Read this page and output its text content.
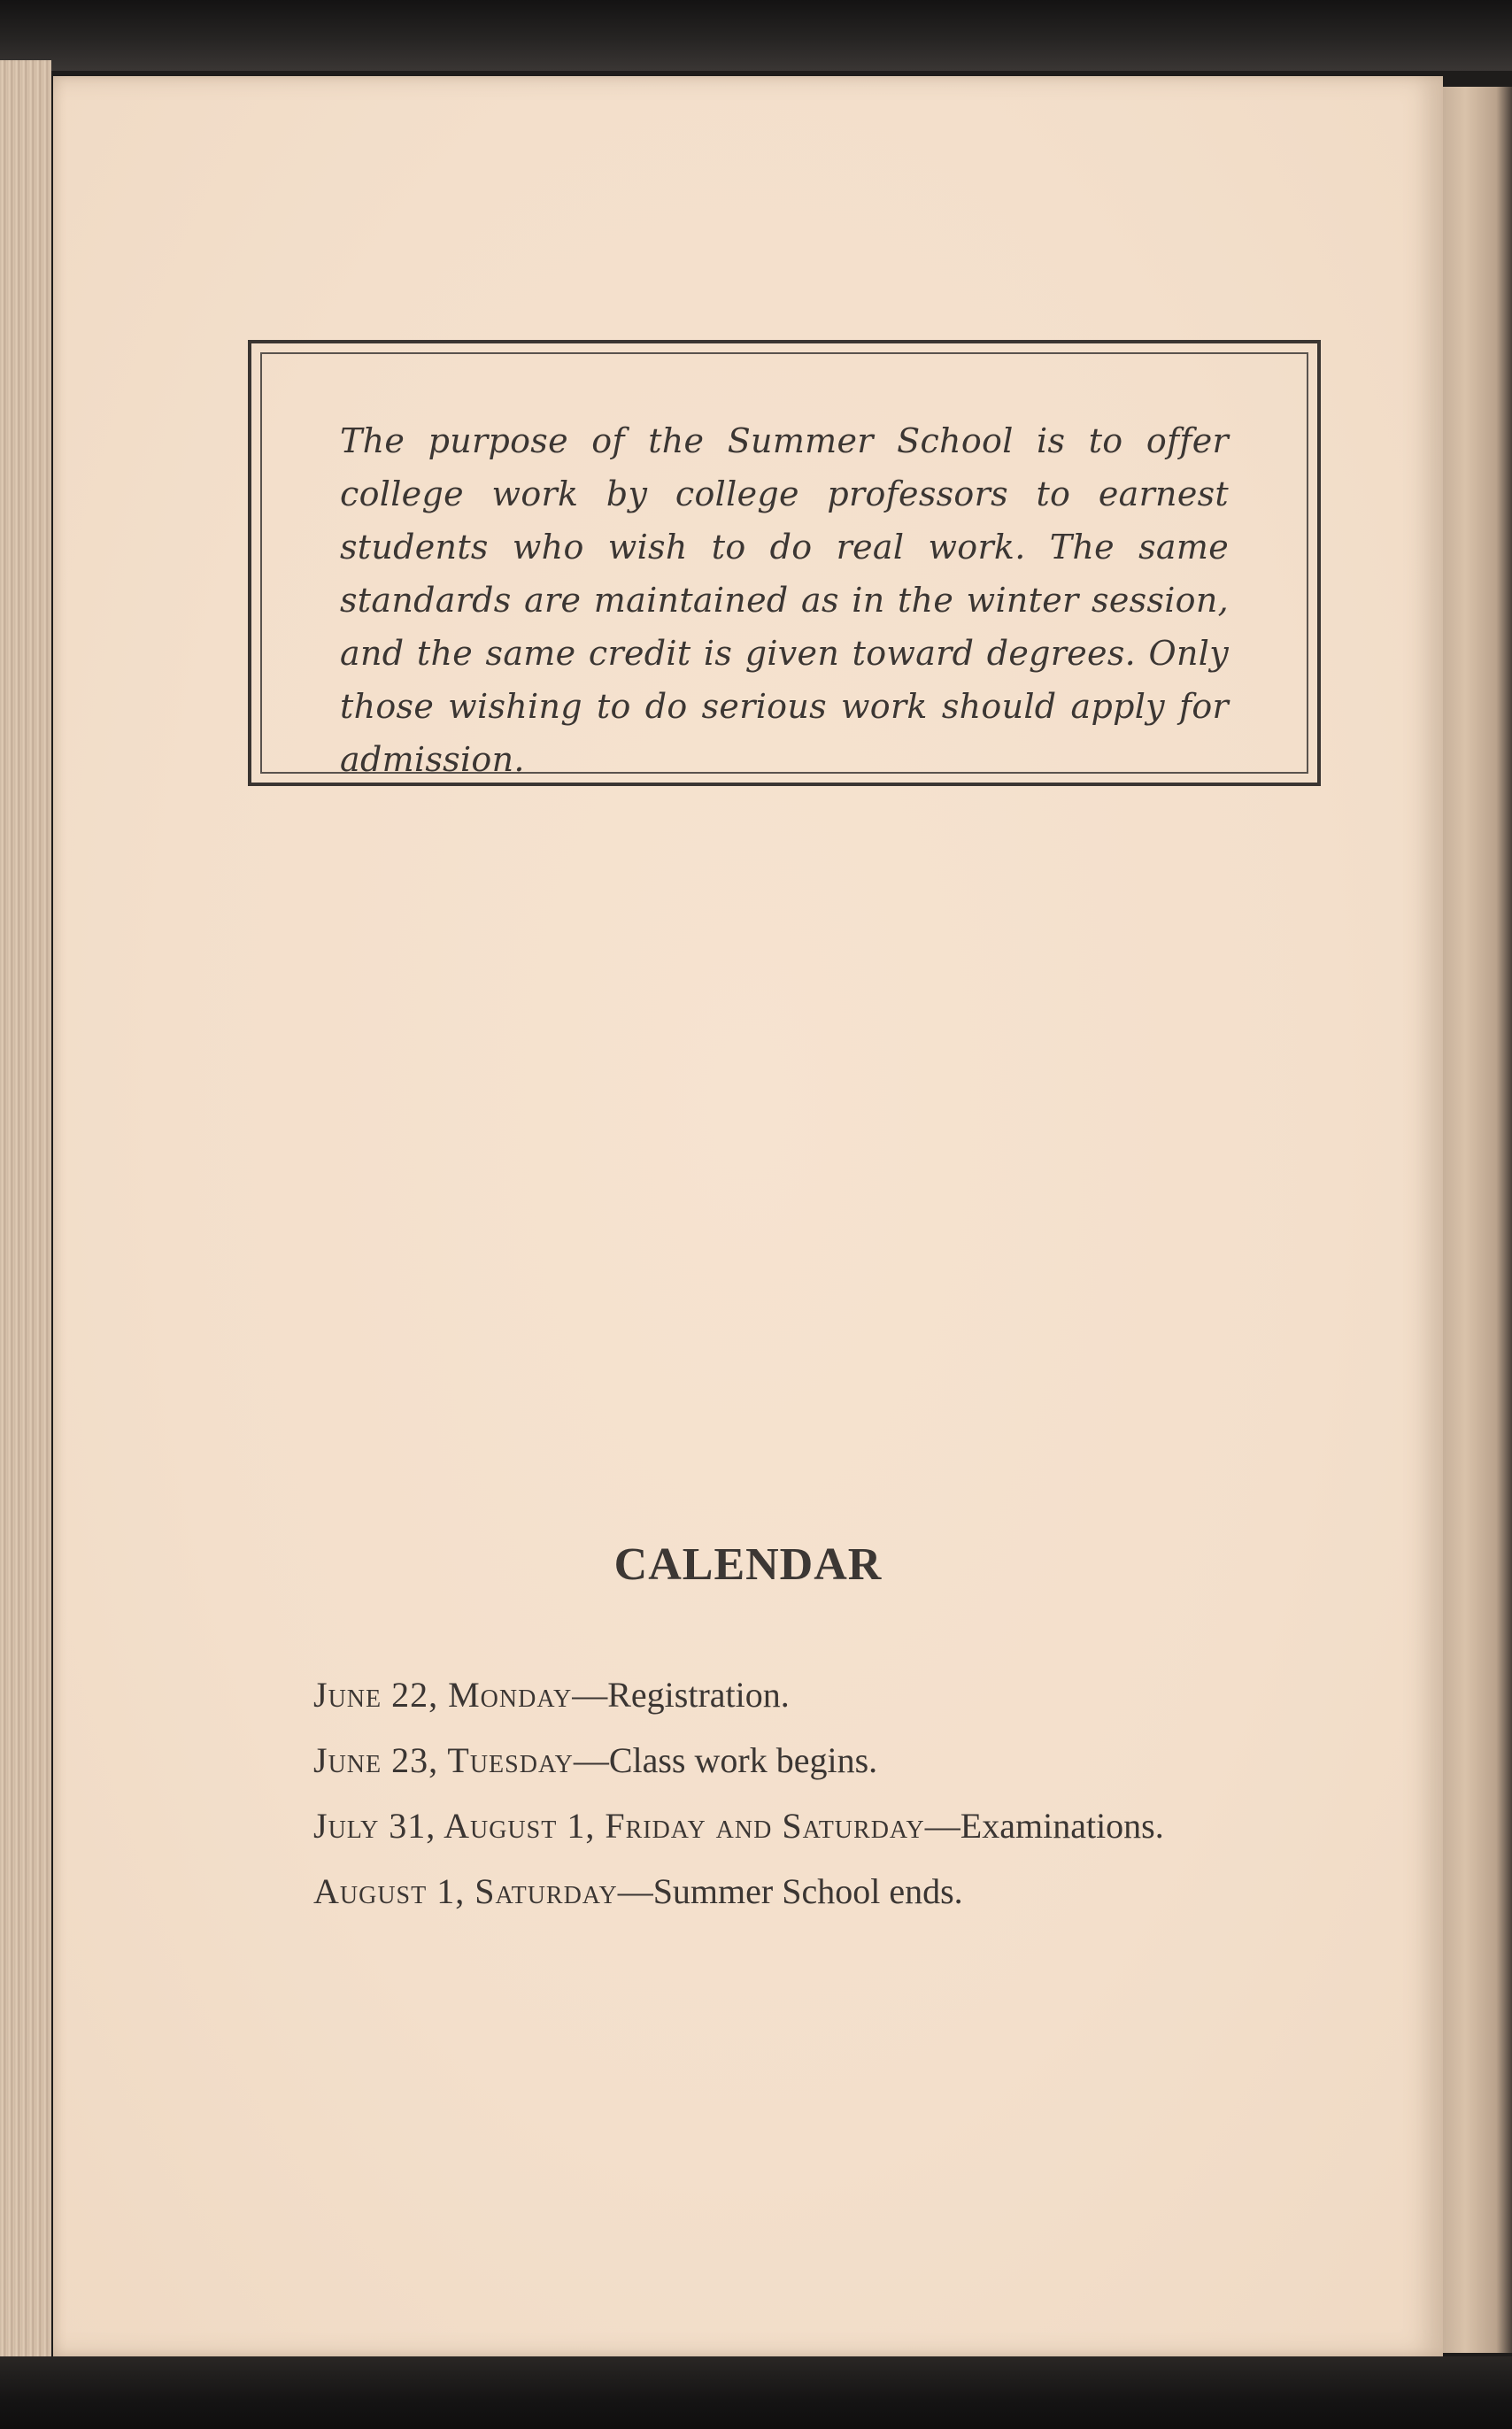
The purpose of the Summer School is to offer college work by college professors to earnest students who wish to do real work. The same standards are maintained as in the winter session, and the same credit is given toward degrees. Only those wishing to do serious work should apply for admission.

CALENDAR
June 22, Monday—Registration.
June 23, Tuesday—Class work begins.
July 31, August 1, Friday and Saturday—Examinations.
August 1, Saturday—Summer School ends.
